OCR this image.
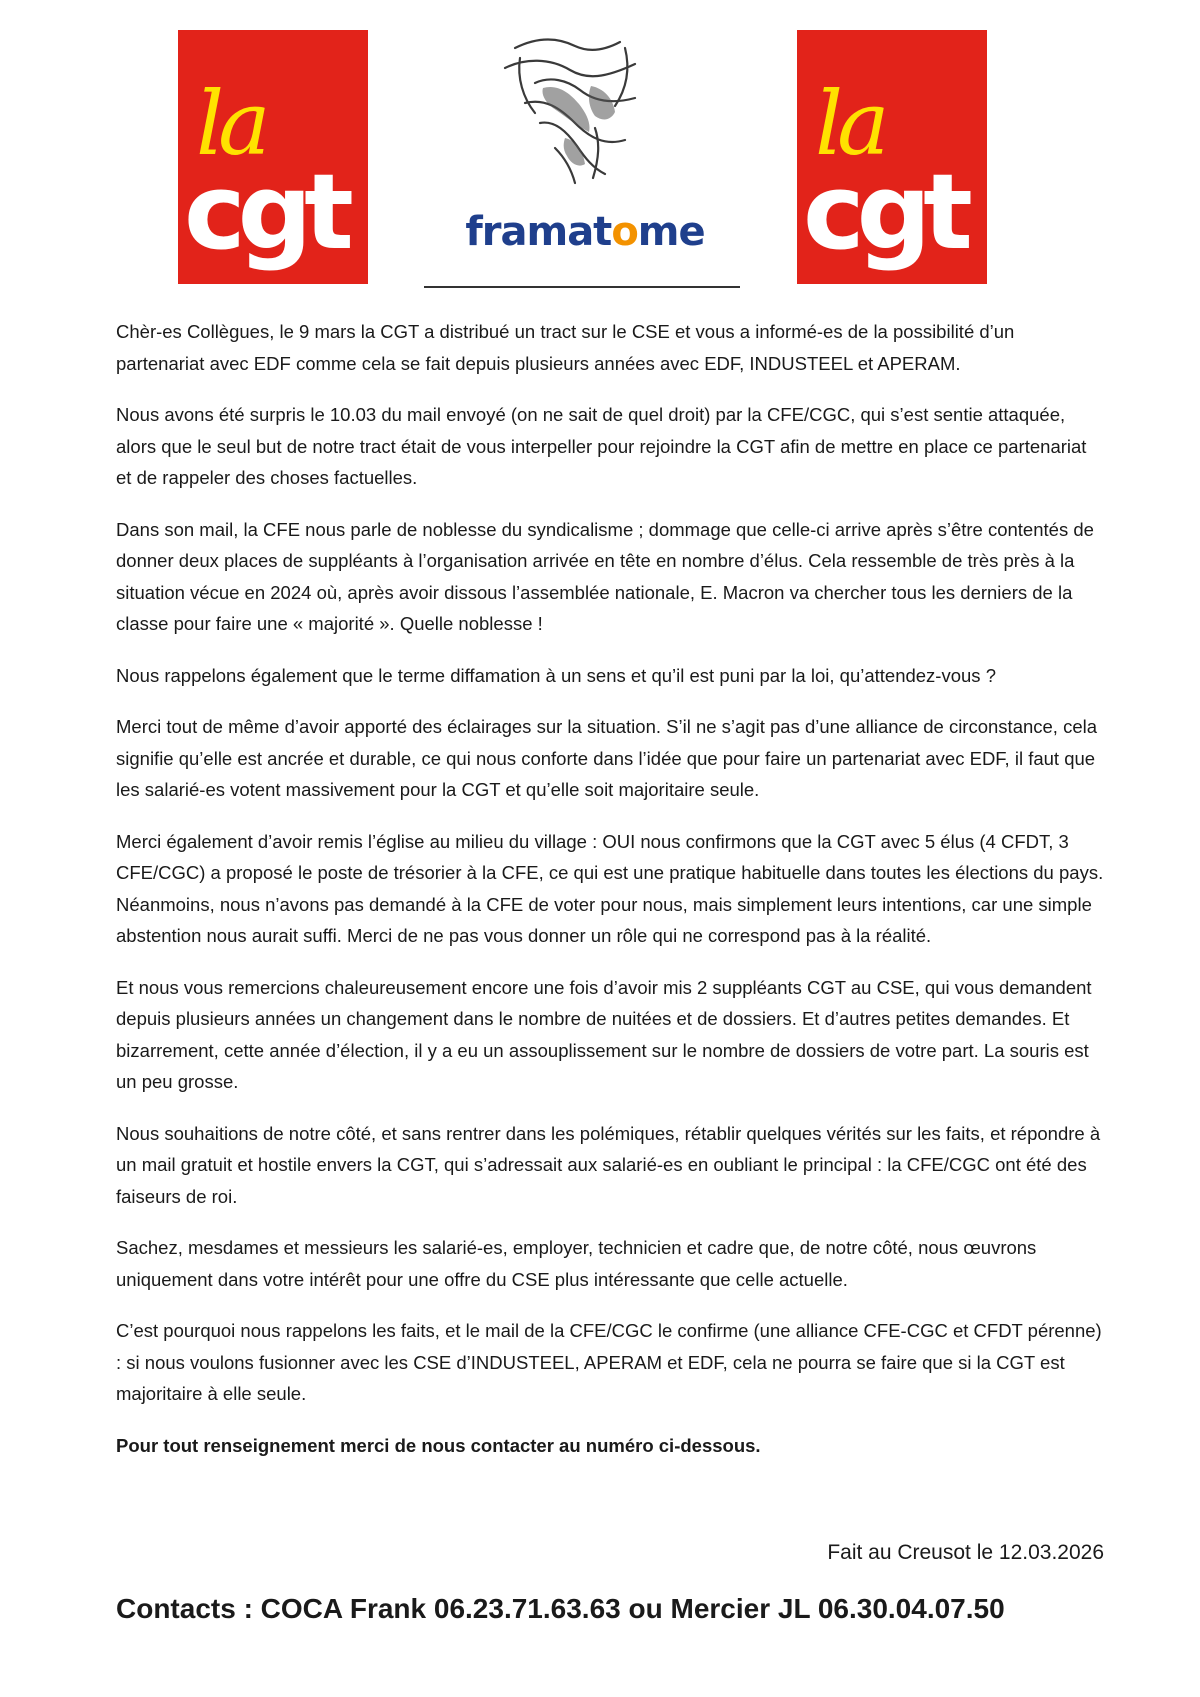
la
cgt	framatome
la
cgt

Chèr-es Collègues, le 9 mars la CGT a distribué un tract sur le CSE et vous a informé-es de la possibilité d’un partenariat avec EDF comme cela se fait depuis plusieurs années avec EDF, INDUSTEEL et APERAM.

Nous avons été surpris le 10.03 du mail envoyé (on ne sait de quel droit) par la CFE/CGC, qui s’est sentie attaquée, alors que le seul but de notre tract était de vous interpeller pour rejoindre la CGT afin de mettre en place ce partenariat et de rappeler des choses factuelles.

Dans son mail, la CFE nous parle de noblesse du syndicalisme ; dommage que celle-ci arrive après s’être contentés de donner deux places de suppléants à l’organisation arrivée en tête en nombre d’élus. Cela ressemble de très près à la situation vécue en 2024 où, après avoir dissous l’assemblée nationale, E. Macron va chercher tous les derniers de la classe pour faire une « majorité ». Quelle noblesse !

Nous rappelons également que le terme diffamation à un sens et qu’il est puni par la loi, qu’attendez-vous ?

Merci tout de même d’avoir apporté des éclairages sur la situation. S’il ne s’agit pas d’une alliance de circonstance, cela signifie qu’elle est ancrée et durable, ce qui nous conforte dans l’idée que pour faire un partenariat avec EDF, il faut que les salarié-es votent massivement pour la CGT et qu’elle soit majoritaire seule.

Merci également d’avoir remis l’église au milieu du village : OUI nous confirmons que la CGT avec 5 élus (4 CFDT, 3 CFE/CGC) a proposé le poste de trésorier à la CFE, ce qui est une pratique habituelle dans toutes les élections du pays. Néanmoins, nous n’avons pas demandé à la CFE de voter pour nous, mais simplement leurs intentions, car une simple abstention nous aurait suffi. Merci de ne pas vous donner un rôle qui ne correspond pas à la réalité.

Et nous vous remercions chaleureusement encore une fois d’avoir mis 2 suppléants CGT au CSE, qui vous demandent depuis plusieurs années un changement dans le nombre de nuitées et de dossiers. Et d’autres petites demandes. Et bizarrement, cette année d’élection, il y a eu un assouplissement sur le nombre de dossiers de votre part. La souris est un peu grosse.

Nous souhaitions de notre côté, et sans rentrer dans les polémiques, rétablir quelques vérités sur les faits, et répondre à un mail gratuit et hostile envers la CGT, qui s’adressait aux salarié-es en oubliant le principal : la CFE/CGC ont été des faiseurs de roi.

Sachez, mesdames et messieurs les salarié-es, employer, technicien et cadre que, de notre côté, nous œuvrons uniquement dans votre intérêt pour une offre du CSE plus intéressante que celle actuelle.

C’est pourquoi nous rappelons les faits, et le mail de la CFE/CGC le confirme (une alliance CFE-CGC et CFDT pérenne) : si nous voulons fusionner avec les CSE d’INDUSTEEL, APERAM et EDF, cela ne pourra se faire que si la CGT est majoritaire à elle seule.

Pour tout renseignement merci de nous contacter au numéro ci-dessous.

Fait au Creusot le 12.03.2026
Contacts : COCA Frank 06.23.71.63.63 ou Mercier JL 06.30.04.07.50
